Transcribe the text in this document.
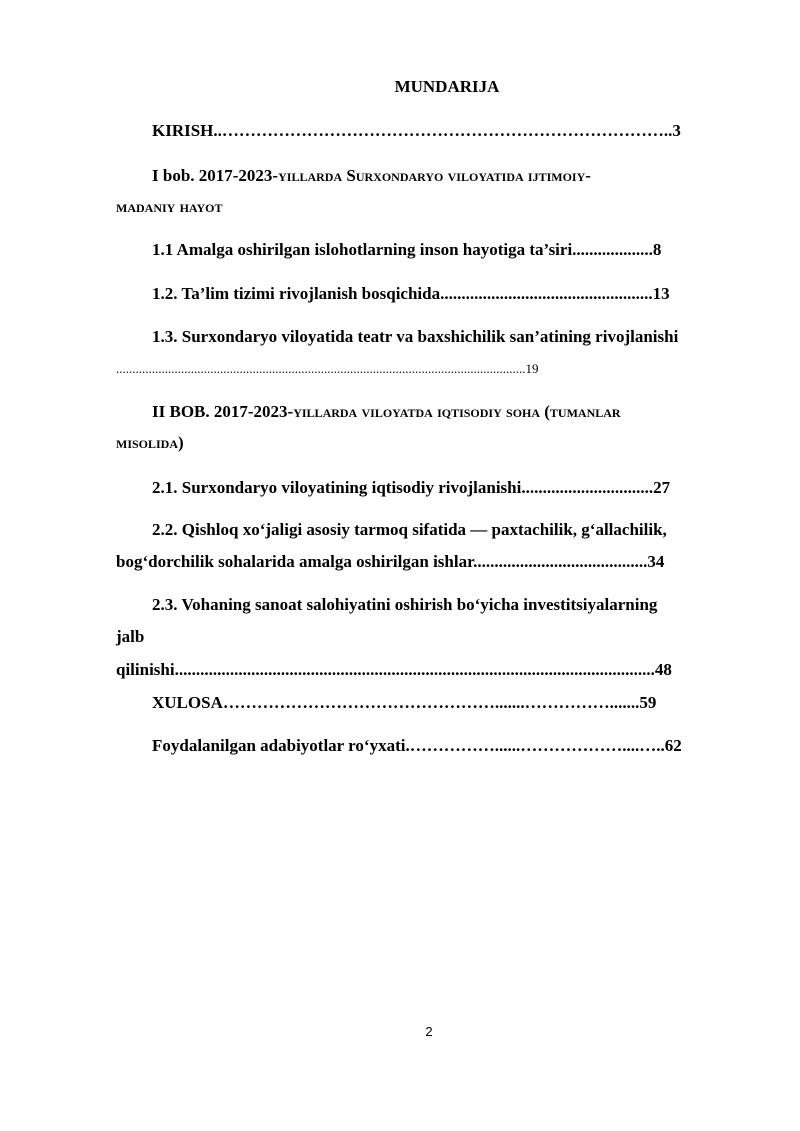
MUNDARIJA
KIRISH..……………………………………………………………………..3
I bob. 2017-2023-yillarda Surxondaryo viloyatida ijtimoiy-
madaniy hayot
1.1 Amalga oshirilgan islohotlarning inson hayotiga ta’siri...................8
1.2. Ta’lim tizimi rivojlanish bosqichida..................................................13
1.3. Surxondaryo viloyatida teatr va baxshichilik san’atining rivojlanishi
..............................................................................................................................19
II BOB. 2017-2023-yillarda viloyatda iqtisodiy soha (tumanlar
misolida)
2.1. Surxondaryo viloyatining iqtisodiy rivojlanishi...............................27
2.2. Qishloq xo‘jaligi asosiy tarmoq sifatida — paxtachilik, g‘allachilik,
bog‘dorchilik sohalarida amalga oshirilgan ishlar.........................................34
2.3. Vohaning sanoat salohiyatini oshirish bo‘yicha investitsiyalarning
jalb
qilinishi.................................................................................................................48
XULOSA………………………………………….......…………….......59
Foydalanilgan adabiyotlar ro‘yxati.……………......………………....…..62
2
